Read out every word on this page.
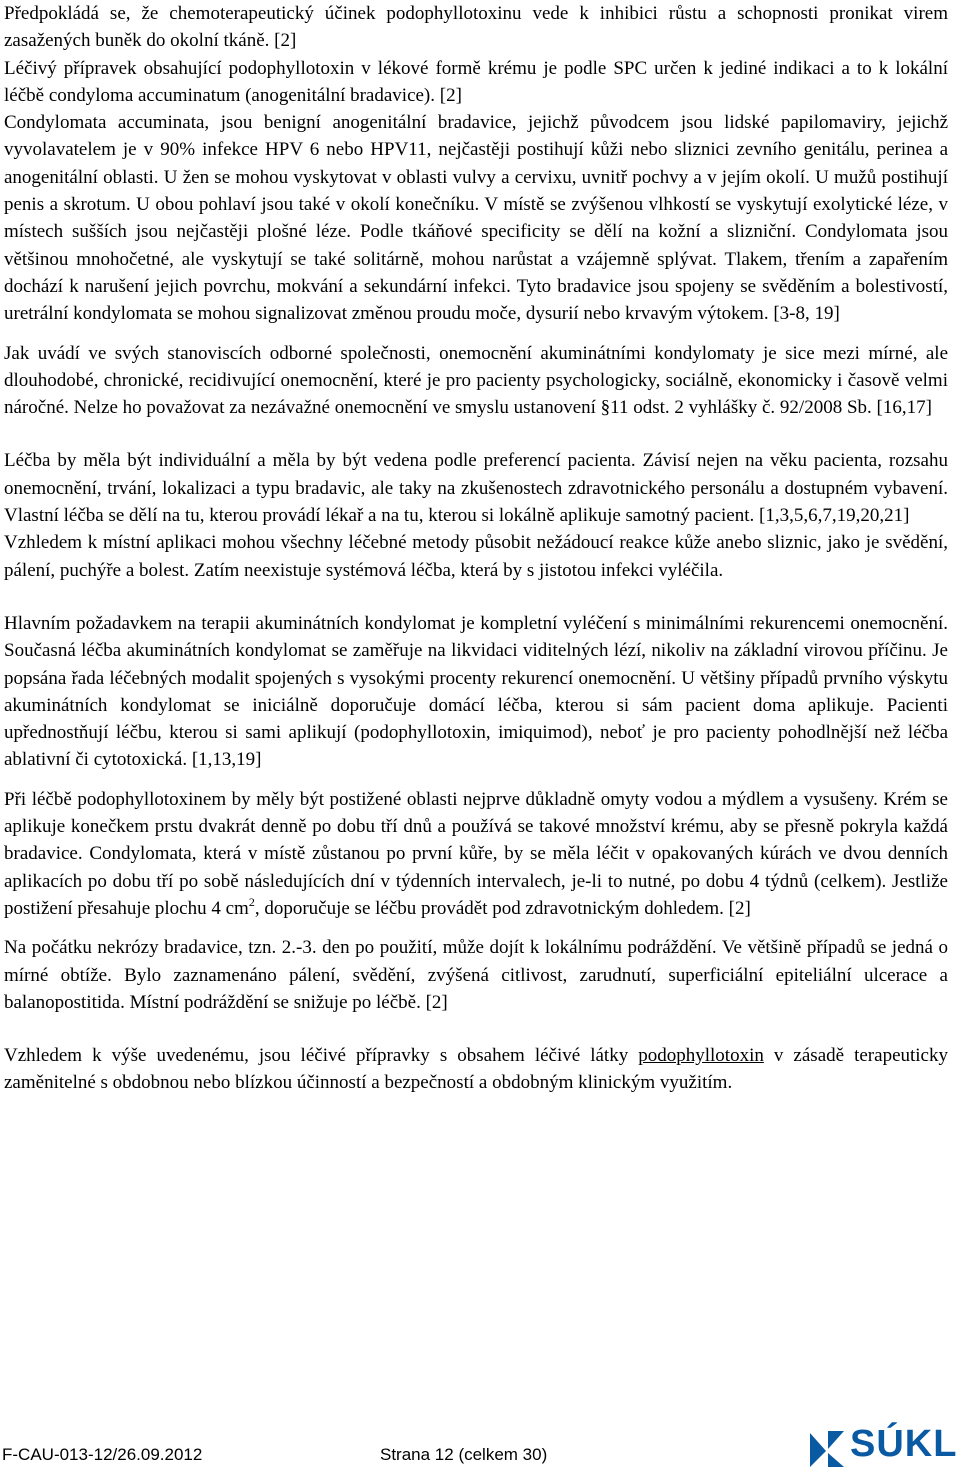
Předpokládá se, že chemoterapeutický účinek podophyllotoxinu vede k inhibici růstu a schopnosti pronikat virem zasažených buněk do okolní tkáně. [2]

Léčivý přípravek obsahující podophyllotoxin v lékové formě krému je podle SPC určen k jediné indikaci a to k lokální léčbě condyloma accuminatum (anogenitální bradavice). [2]

Condylomata accuminata, jsou benigní anogenitální bradavice, jejichž původcem jsou lidské papilomaviry, jejichž vyvolavatelem je v 90% infekce HPV 6 nebo HPV11, nejčastěji postihují kůži nebo sliznici zevního genitálu, perinea a anogenitální oblasti. U žen se mohou vyskytovat v oblasti vulvy a cervixu, uvnitř pochvy a v jejím okolí. U mužů postihují penis a skrotum. U obou pohlaví jsou také v okolí konečníku. V místě se zvýšenou vlhkostí se vyskytují exolytické léze, v místech sušších jsou nejčastěji plošné léze. Podle tkáňové specificity se dělí na kožní a slizniční. Condylomata jsou většinou mnohočetné, ale vyskytují se také solitárně, mohou narůstat a vzájemně splývat. Tlakem, třením a zapařením dochází k narušení jejich povrchu, mokvání a sekundární infekci. Tyto bradavice jsou spojeny se svěděním a bolestivostí, uretrální kondylomata se mohou signalizovat změnou proudu moče, dysurií nebo krvavým výtokem. [3-8, 19]

Jak uvádí ve svých stanoviscích odborné společnosti, onemocnění akuminátními kondylomaty je sice mezi mírné, ale dlouhodobé, chronické, recidivující onemocnění, které je pro pacienty psychologicky, sociálně, ekonomicky i časově velmi náročné. Nelze ho považovat za nezávažné onemocnění ve smyslu ustanovení §11 odst. 2 vyhlášky č. 92/2008 Sb. [16,17]

Léčba by měla být individuální a měla by být vedena podle preferencí pacienta. Závisí nejen na věku pacienta, rozsahu onemocnění, trvání, lokalizaci a typu bradavic, ale taky na zkušenostech zdravotnického personálu a dostupném vybavení. Vlastní léčba se dělí na tu, kterou provádí lékař a na tu, kterou si lokálně aplikuje samotný pacient. [1,3,5,6,7,19,20,21]

Vzhledem k místní aplikaci mohou všechny léčebné metody působit nežádoucí reakce kůže anebo sliznic, jako je svědění, pálení, puchýře a bolest. Zatím neexistuje systémová léčba, která by s jistotou infekci vyléčila.

Hlavním požadavkem na terapii akuminátních kondylomat je kompletní vyléčení s minimálními rekurencemi onemocnění. Současná léčba akuminátních kondylomat se zaměřuje na likvidaci viditelných lézí, nikoliv na základní virovou příčinu. Je popsána řada léčebných modalit spojených s vysokými procenty rekurencí onemocnění. U většiny případů prvního výskytu akuminátních kondylomat se iniciálně doporučuje domácí léčba, kterou si sám pacient doma aplikuje. Pacienti upřednostňují léčbu, kterou si sami aplikují (podophyllotoxin, imiquimod), neboť je pro pacienty pohodlnější než léčba ablativní či cytotoxická. [1,13,19]

Při léčbě podophyllotoxinem by měly být postižené oblasti nejprve důkladně omyty vodou a mýdlem a vysušeny. Krém se aplikuje konečkem prstu dvakrát denně po dobu tří dnů a používá se takové množství krému, aby se přesně pokryla každá bradavice. Condylomata, která v místě zůstanou po první kůře, by se měla léčit v opakovaných kúrách ve dvou denních aplikacích po dobu tří po sobě následujících dní v týdenních intervalech, je-li to nutné, po dobu 4 týdnů (celkem). Jestliže postižení přesahuje plochu 4 $cm^2$, doporučuje se léčbu provádět pod zdravotnickým dohledem. [2]

Na počátku nekrózy bradavice, tzn. 2.-3. den po použití, může dojít k lokálnímu podráždění. Ve většině případů se jedná o mírné obtíže. Bylo zaznamenáno pálení, svědění, zvýšená citlivost, zarudnutí, superficiální epiteliální ulcerace a balanopostitida. Místní podráždění se snižuje po léčbě. [2]

Vzhledem k výše uvedenému, jsou léčivé přípravky s obsahem léčivé látky podophyllotoxin v zásadě terapeuticky zaměnitelné s obdobnou nebo blízkou účinností a bezpečností a obdobným klinickým využitím.

F-CAU-013-12/26.09.2012	Strana 12 (celkem 30)	SÚKL
